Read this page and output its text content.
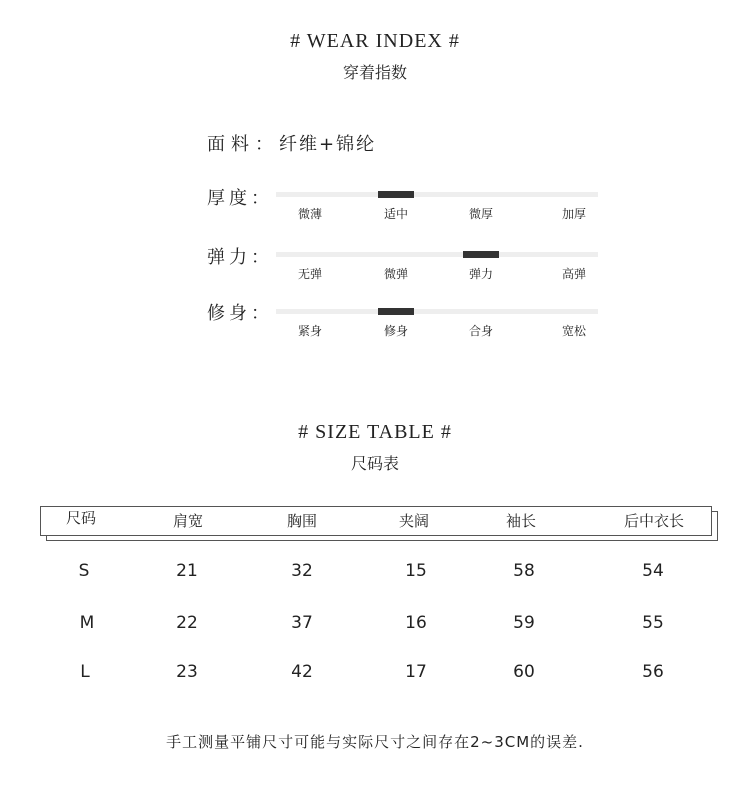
# WEAR INDEX #
穿着指数
面料：纤维+锦纶
厚度：
微薄	适中	微厚	加厚
弹力：
无弹	微弹	弹力	高弹
修身：
紧身	修身	合身	宽松
# SIZE TABLE #
尺码表
尺码	肩宽	胸围	夹阔	袖长	后中衣长
S	21	32	15	58	54
M	22	37	16	59	55
L	23	42	17	60	56
手工测量平铺尺寸可能与实际尺寸之间存在2~3CM的误差.
